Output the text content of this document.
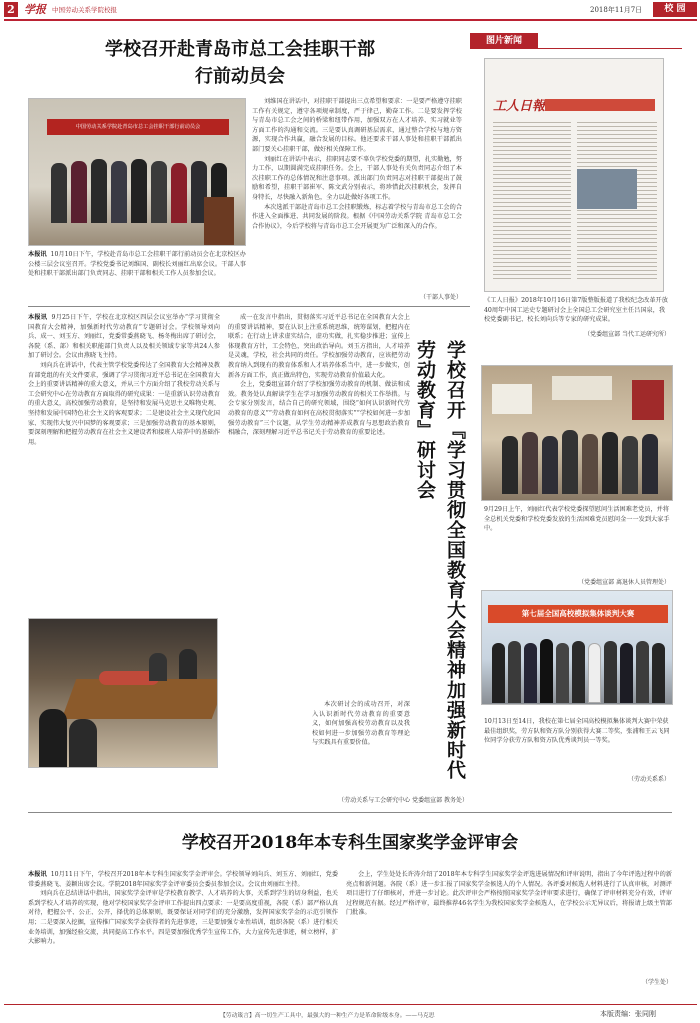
2 学报 中国劳动关系学院校报	2018年11月7日	校 园
学校召开赴青岛市总工会挂职干部
行前动员会
中国劳动关系学院赴青岛市总工会挂职干部行前动员会
本报讯 10月10日下午，学校赴青岛市总工会挂职干部行前动员会在北京校区办公楼三层会议室召开。学校党委书记刘维国、副校长刘丽红出席会议。干部人事处和挂职干部派出部门负责同志、挂职干部和相关工作人员参加会议。
刘维国在讲话中，对挂职干部提出三点希望和要求：一是要严格遵守挂职工作有关规定，遵守各项规章制度，严于律己，勤奋工作。二是要发挥学校与青岛市总工会之间的桥梁和纽带作用，加强双方在人才培养、实习就业等方面工作的沟通和交流。三是要认真调研基层需求，通过整合学校与地方资源，实现合作共赢，融合发展的目标。他还要求干部人事处和挂职干部派出部门要关心挂职干部，做好相关保障工作。
刘丽红在讲话中表示，挂职同志要不辜负学校党委的期望，扎实勤勉，努力工作，以期圆满完成挂职任务。会上，干部人事处有关负责同志介绍了本次挂职工作的总体情况和注意事项。派出部门负责同志对挂职干部提出了鼓励和希望，挂职干部崔军、陈文武分别表示，将珍惜此次挂职机会，发挥自身特长，尽快融入新角色，全力以赴做好各项工作。
本次选派干部赴青岛市总工会挂职锻炼，标志着学校与青岛市总工会的合作进入全面推进、共同发展的阶段。根据《中国劳动关系学院 青岛市总工会合作协议》，今后学校将与青岛市总工会开展更为广泛和深入的合作。
（干部人事处）
图片新闻
工人日報
《工人日报》2018年10月16日第7版整版报道了我校纪念改革开放40周年中国工运史专题研讨会上全国总工会研究室主任吕国泉，我校党委副书记、校长刘向兵等专家的研究成果。
（党委组宣部 当代工运研究所）
9月29日上午，刘丽红代表学校党委探望慰问生活困难老党员，并将全总机关党委和学校党委发放的生活困难党员慰问金一一发到大家手中。
（党委组宣部 离退休人员管理处）
第七届全国高校模拟集体谈判大赛
10月13日至14日，我校在第七届全国高校模拟集体谈判大赛中荣获最佳组织奖，劳方队和资方队分别获得大赛二等奖，张浦和王云飞同位同学分获劳方队和资方队优秀谈判员一等奖。
（劳动关系系）
本报讯 9月25日下午，学校在北京校区四层会议室举办“学习贯彻全国教育大会精神，加强新时代劳动教育”专题研讨会。学校领导刘向兵、成一、刘玉方、刘丽红，党委常委燕晓飞、杨冬梅出席了研讨会，各院（系、部）和相关职能部门负责人以及相关领域专家等共24人参加了研讨会。会议由燕晓飞主持。
刘向兵在讲话中，代表主管学校党委传达了全国教育大会精神及教育部党组的有关文件要求，强调了学习贯彻习近平总书记在全国教育大会上的重要讲话精神的重大意义，并从三个方面介绍了我校劳动关系与工会研究中心在劳动教育方面取得的研究成果：一是重新认识劳动教育的重大意义，高校加强劳动教育，是坚持和发展马克思主义唯物史观、坚持和发展中国特色社会主义的客观要求；二是建设社会主义现代化国家、实现伟大复兴中国梦的客观要求；三是加强劳动教育的基本原则，要深刻理解和把握劳动教育在社会主义建设者和接班人培养中的基础作用。
成一在发言中指出，贯彻落实习近平总书记在全国教育大会上的重要讲话精神，要在认识上注重系统思维，统筹谋划，把握内在联系；在行动上讲求虚实结合，虚功实做，扎实稳步推进；宣传上体现教育方针，工会特色，突出政治导向。刘玉方指出，人才培养是灵魂，学校，社会共同的责任。学校加强劳动教育，应该把劳动教育纳入到现有的教育体系和人才培养体系当中，进一步做实，创新各方面工作，真正做出特色，实现劳动教育价值最大化。
会上，党委组宣部介绍了学校加强劳动教育的机制、做法和成效。教务处认真解读学生在学习加强劳动教育的相关工作举措。与会专家分别发言，结合自己的研究领域，围绕“如何认识新时代劳动教育的意义”“劳动教育如何在高校贯彻落实”“学校如何进一步加强劳动教育”三个议题，从学生劳动精神养成教育与思想政治教育相融合，深刻理解习近平总书记关于劳动教育的重要论述。
本次研讨会的成功召开，对深入认识新时代劳动教育的重要意义，如何加强高校劳动教育以及我校如何进一步加强劳动教育等理论与实践具有重要价值。	学校召开『学习贯彻全国教育大会精神加强新时代劳动教育』研讨会
（劳动关系与工会研究中心 党委组宣部 教务处）
学校召开2018年本专科生国家奖学金评审会
本报讯 10月11日下午，学校召开2018年本专科生国家奖学金评审会。学校领导刘向兵、刘玉方、刘丽红，党委常委燕晓飞、姜颖出席会议。学院2018年国家奖学金评审委员会委员参加会议。会议由刘丽红主持。
刘向兵在总结讲话中指出，国家奖学金评审是学校教育教学、人才培养的大事，关系到学生的切身利益，也关系到学校人才培养的实现，他对学校国家奖学金评审工作提出四点要求：一是要高度重视，各院（系）部严格认真对待，把握公平、公正、公开，择优的总体原则，既要保证对同学们的充分激励，发挥国家奖学金的示范引领作用；二是要深入挖掘，宣传推广国家奖学金获得者的先进事迹，三是要加强专业性培训，组织各院（系）进行相关业务培训，加强经验交流，共同提高工作水平。四是要加强优秀学生宣传工作，大力宣传先进事迹，树立榜样，扩大影响力。
会上，学生处处长许涛介绍了2018年本专科学生国家奖学金评选进展情况和评审说明，指出了今年评选过程中的新亮点和新问题。各院（系）进一步汇报了国家奖学金候选人的个人情况。各评委对候选人材料进行了认真审核，对测评项目进行了仔细核对，并进一步讨论。此次评审会严格按照国家奖学金评审要求进行，确保了评审材料充分有效，评审过程规范有据。经过严格评审，最终推荐46名学生为我校国家奖学金候选人，在学校公示无异议后，将报请上级主管部门批准。
（学生处）
【劳动箴言】高一切生产工具中，最强大的一种生产力是革命阶级本身。——马克思	本版责编：张同刚
